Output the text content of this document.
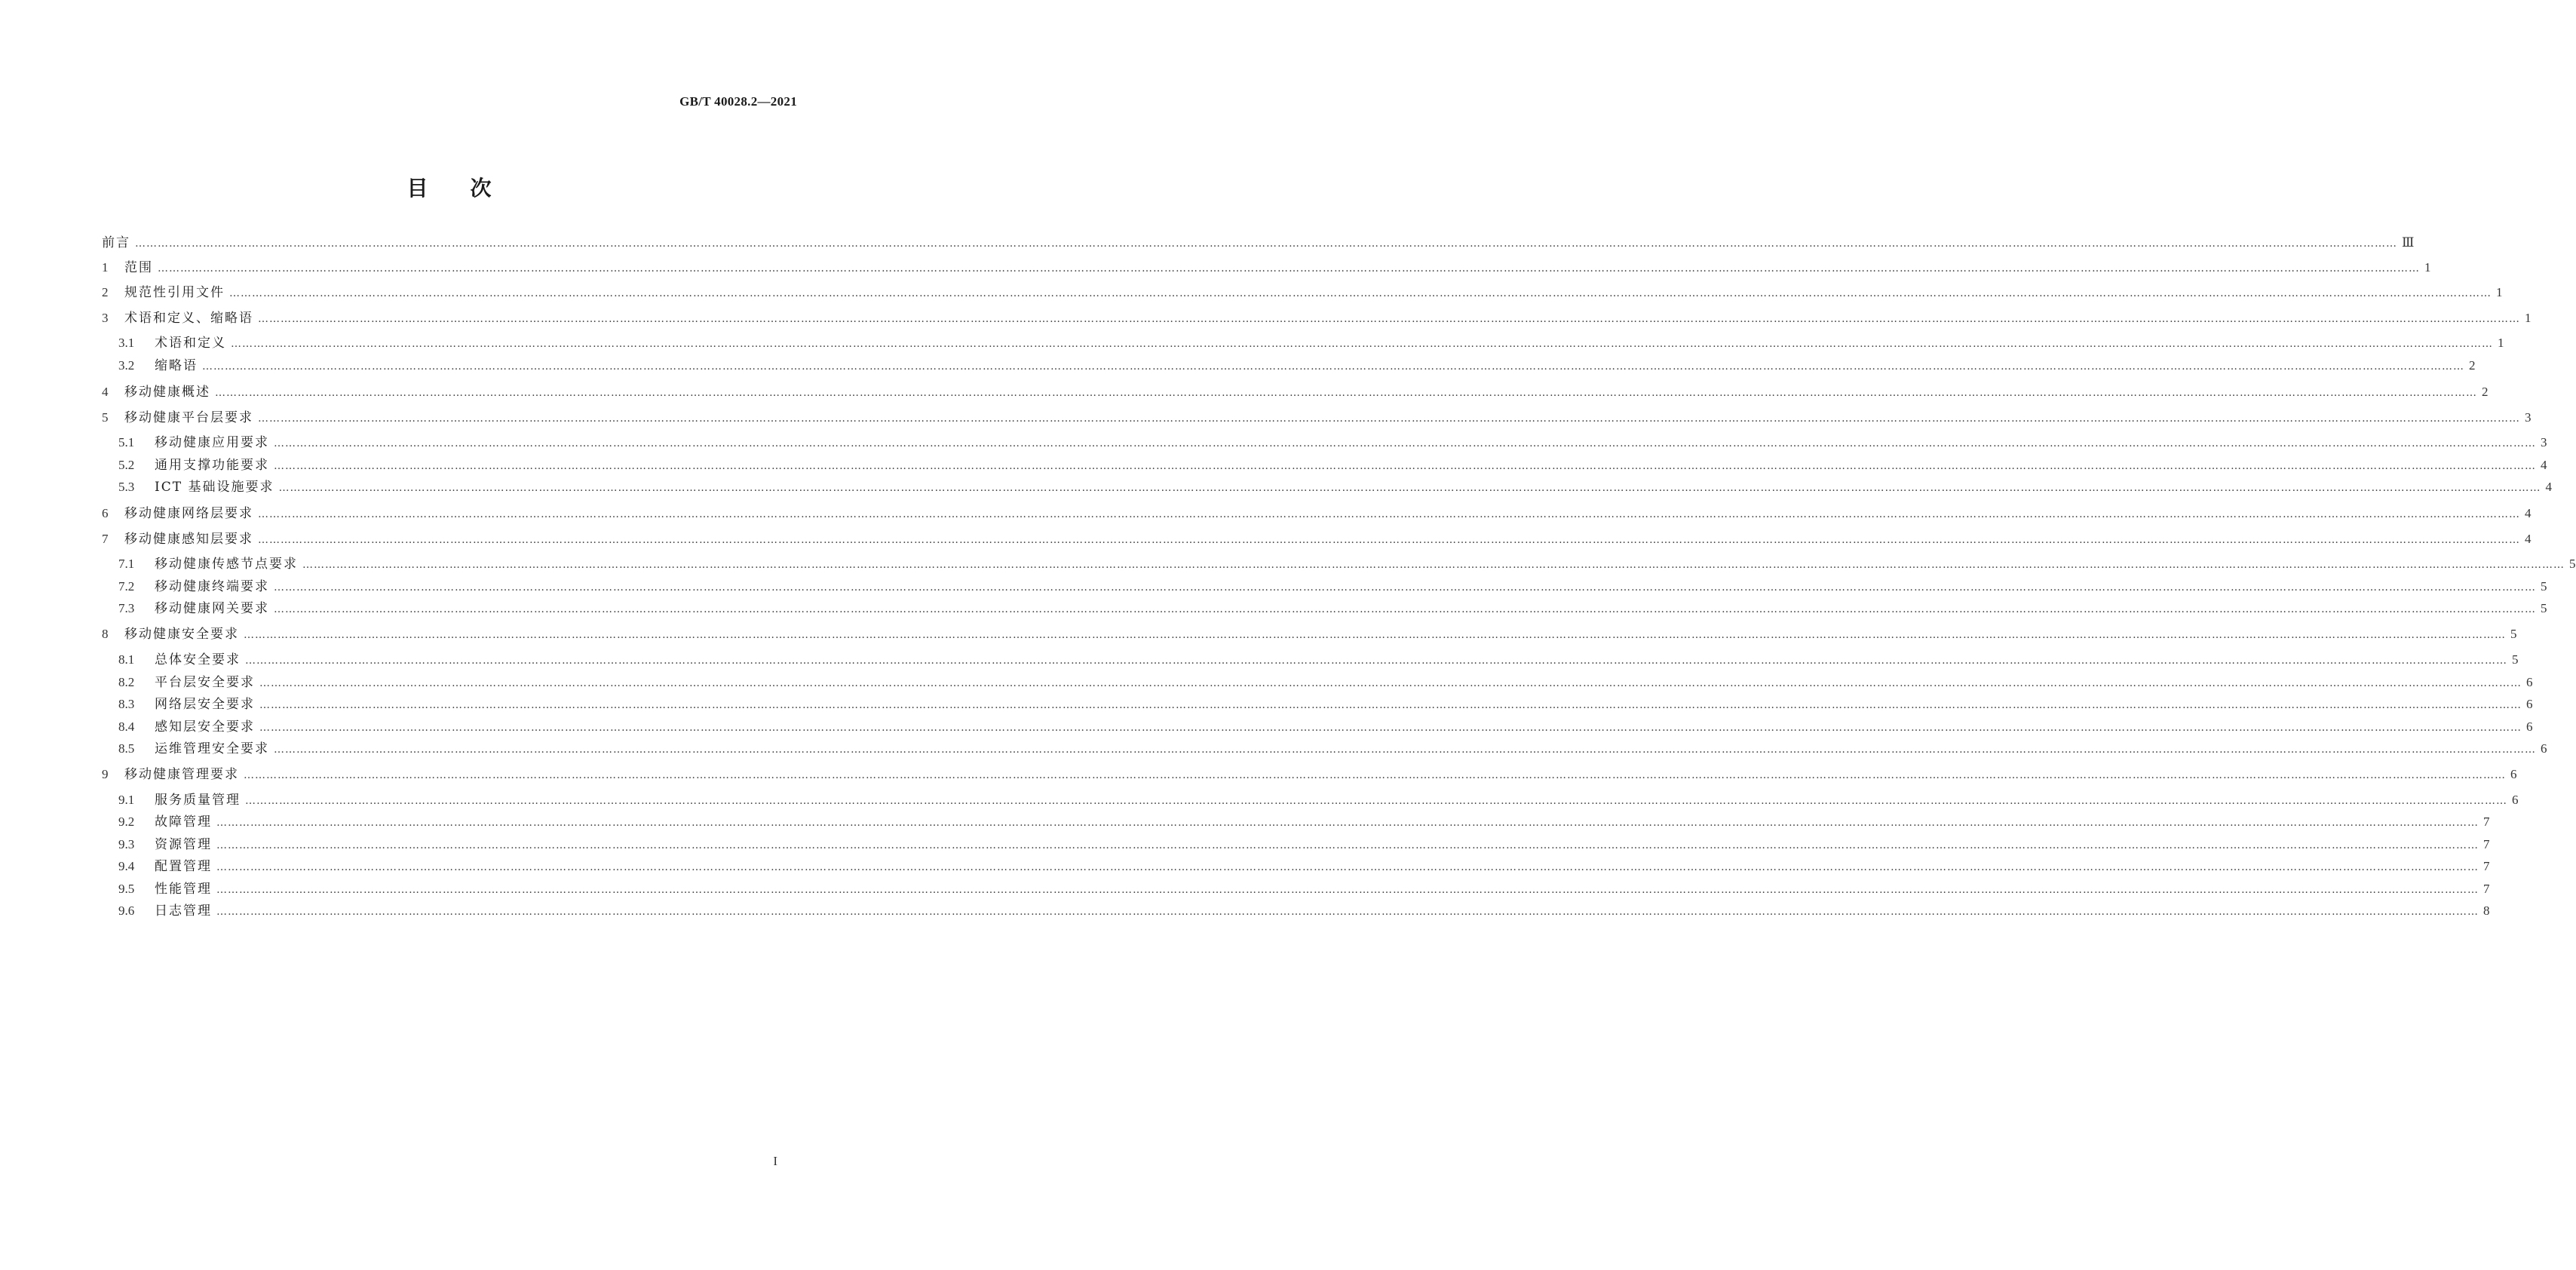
GB/T 40028.2—2021
目　　次
前言 …………………………………………………………………………………………………………………………………………………………………………………………………………………………………………………………………………………………………………………………………………………………………………………………………………………………………………………………………………………………………………………………………………………… Ⅲ
1	范围 …………………………………………………………………………………………………………………………………………………………………………………………………………………………………………………………………………………………………………………………………………………………………………………………………………………………………………………………………………………………………………………………………………………… 1
2	规范性引用文件 …………………………………………………………………………………………………………………………………………………………………………………………………………………………………………………………………………………………………………………………………………………………………………………………………………………………………………………………………………………………………………………………………………………… 1
3	术语和定义、缩略语 …………………………………………………………………………………………………………………………………………………………………………………………………………………………………………………………………………………………………………………………………………………………………………………………………………………………………………………………………………………………………………………………………………………… 1
3.1	术语和定义 …………………………………………………………………………………………………………………………………………………………………………………………………………………………………………………………………………………………………………………………………………………………………………………………………………………………………………………………………………………………………………………………………………………… 1
3.2	缩略语 …………………………………………………………………………………………………………………………………………………………………………………………………………………………………………………………………………………………………………………………………………………………………………………………………………………………………………………………………………………………………………………………………………………… 2
4	移动健康概述 …………………………………………………………………………………………………………………………………………………………………………………………………………………………………………………………………………………………………………………………………………………………………………………………………………………………………………………………………………………………………………………………………………………… 2
5	移动健康平台层要求 …………………………………………………………………………………………………………………………………………………………………………………………………………………………………………………………………………………………………………………………………………………………………………………………………………………………………………………………………………………………………………………………………………………… 3
5.1	移动健康应用要求 …………………………………………………………………………………………………………………………………………………………………………………………………………………………………………………………………………………………………………………………………………………………………………………………………………………………………………………………………………………………………………………………………………………… 3
5.2	通用支撑功能要求 …………………………………………………………………………………………………………………………………………………………………………………………………………………………………………………………………………………………………………………………………………………………………………………………………………………………………………………………………………………………………………………………………………………… 4
5.3	ICT 基础设施要求 …………………………………………………………………………………………………………………………………………………………………………………………………………………………………………………………………………………………………………………………………………………………………………………………………………………………………………………………………………………………………………………………………………………… 4
6	移动健康网络层要求 …………………………………………………………………………………………………………………………………………………………………………………………………………………………………………………………………………………………………………………………………………………………………………………………………………………………………………………………………………………………………………………………………………………… 4
7	移动健康感知层要求 …………………………………………………………………………………………………………………………………………………………………………………………………………………………………………………………………………………………………………………………………………………………………………………………………………………………………………………………………………………………………………………………………………………… 4
7.1	移动健康传感节点要求 …………………………………………………………………………………………………………………………………………………………………………………………………………………………………………………………………………………………………………………………………………………………………………………………………………………………………………………………………………………………………………………………………………………… 5
7.2	移动健康终端要求 …………………………………………………………………………………………………………………………………………………………………………………………………………………………………………………………………………………………………………………………………………………………………………………………………………………………………………………………………………………………………………………………………………………… 5
7.3	移动健康网关要求 …………………………………………………………………………………………………………………………………………………………………………………………………………………………………………………………………………………………………………………………………………………………………………………………………………………………………………………………………………………………………………………………………………………… 5
8	移动健康安全要求 …………………………………………………………………………………………………………………………………………………………………………………………………………………………………………………………………………………………………………………………………………………………………………………………………………………………………………………………………………………………………………………………………………………… 5
8.1	总体安全要求 …………………………………………………………………………………………………………………………………………………………………………………………………………………………………………………………………………………………………………………………………………………………………………………………………………………………………………………………………………………………………………………………………………………… 5
8.2	平台层安全要求 …………………………………………………………………………………………………………………………………………………………………………………………………………………………………………………………………………………………………………………………………………………………………………………………………………………………………………………………………………………………………………………………………………………… 6
8.3	网络层安全要求 …………………………………………………………………………………………………………………………………………………………………………………………………………………………………………………………………………………………………………………………………………………………………………………………………………………………………………………………………………………………………………………………………………………… 6
8.4	感知层安全要求 …………………………………………………………………………………………………………………………………………………………………………………………………………………………………………………………………………………………………………………………………………………………………………………………………………………………………………………………………………………………………………………………………………………… 6
8.5	运维管理安全要求 …………………………………………………………………………………………………………………………………………………………………………………………………………………………………………………………………………………………………………………………………………………………………………………………………………………………………………………………………………………………………………………………………………………… 6
9	移动健康管理要求 …………………………………………………………………………………………………………………………………………………………………………………………………………………………………………………………………………………………………………………………………………………………………………………………………………………………………………………………………………………………………………………………………………………… 6
9.1	服务质量管理 …………………………………………………………………………………………………………………………………………………………………………………………………………………………………………………………………………………………………………………………………………………………………………………………………………………………………………………………………………………………………………………………………………………… 6
9.2	故障管理 …………………………………………………………………………………………………………………………………………………………………………………………………………………………………………………………………………………………………………………………………………………………………………………………………………………………………………………………………………………………………………………………………………………… 7
9.3	资源管理 …………………………………………………………………………………………………………………………………………………………………………………………………………………………………………………………………………………………………………………………………………………………………………………………………………………………………………………………………………………………………………………………………………………… 7
9.4	配置管理 …………………………………………………………………………………………………………………………………………………………………………………………………………………………………………………………………………………………………………………………………………………………………………………………………………………………………………………………………………………………………………………………………………………… 7
9.5	性能管理 …………………………………………………………………………………………………………………………………………………………………………………………………………………………………………………………………………………………………………………………………………………………………………………………………………………………………………………………………………………………………………………………………………………… 7
9.6	日志管理 …………………………………………………………………………………………………………………………………………………………………………………………………………………………………………………………………………………………………………………………………………………………………………………………………………………………………………………………………………………………………………………………………………………… 8
I
